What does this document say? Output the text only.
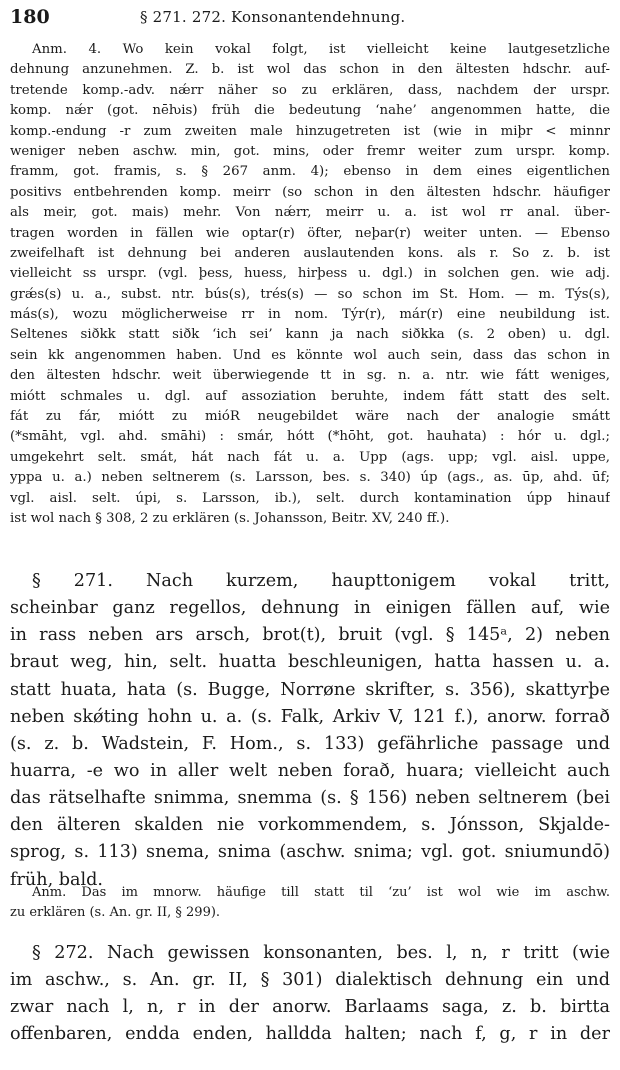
180	§ 271. 272. Konsonantendehnung.
Anm. 4. Wo kein vokal folgt, ist vielleicht keine lautgesetzliche
dehnung anzunehmen. Z. b. ist wol das schon in den ältesten hdschr. auf-
tretende komp.-adv. nǽrr näher so zu erklären, dass, nachdem der urspr.
komp. nǽr (got. nēƕis) früh die bedeutung ‘nahe’ angenommen hatte, die
komp.-endung -r zum zweiten male hinzugetreten ist (wie in miþr < minnr
weniger neben aschw. min, got. mins, oder fremr weiter zum urspr. komp.
framm, got. framis, s. § 267 anm. 4); ebenso in dem eines eigentlichen
positivs entbehrenden komp. meirr (so schon in den ältesten hdschr. häufiger
als meir, got. mais) mehr. Von nǽrr, meirr u. a. ist wol rr anal. über-
tragen worden in fällen wie optar(r) öfter, neþar(r) weiter unten. — Ebenso
zweifelhaft ist dehnung bei anderen auslautenden kons. als r. So z. b. ist
vielleicht ss urspr. (vgl. þess, huess, hirþess u. dgl.) in solchen gen. wie adj.
grǽs(s) u. a., subst. ntr. bús(s), trés(s) — so schon im St. Hom. — m. Týs(s),
más(s), wozu möglicherweise rr in nom. Týr(r), már(r) eine neubildung ist.
Seltenes siðkk statt siðk ‘ich sei’ kann ja nach siðkka (s. 2 oben) u. dgl.
sein kk angenommen haben. Und es könnte wol auch sein, dass das schon in
den ältesten hdschr. weit überwiegende tt in sg. n. a. ntr. wie fátt weniges,
miótt schmales u. dgl. auf assoziation beruhte, indem fátt statt des selt.
fát zu fár, miótt zu mióR neugebildet wäre nach der analogie smátt
(*smāht, vgl. ahd. smāhi) : smár, hótt (*hōht, got. hauhata) : hór u. dgl.;
umgekehrt selt. smát, hát nach fát u. a. Upp (ags. upp; vgl. aisl. uppe,
yppa u. a.) neben seltnerem (s. Larsson, bes. s. 340) úp (ags., as. ūp, ahd. ūf;
vgl. aisl. selt. úpi, s. Larsson, ib.), selt. durch kontamination úpp hinauf
ist wol nach § 308, 2 zu erklären (s. Johansson, Beitr. XV, 240 ff.).
§ 271. Nach kurzem, haupttonigem vokal tritt,
scheinbar ganz regellos, dehnung in einigen fällen auf, wie
in rass neben ars arsch, brot(t), bruit (vgl. § 145ᵃ, 2) neben
braut weg, hin, selt. huatta beschleunigen, hatta hassen u. a.
statt huata, hata (s. Bugge, Norrøne skrifter, s. 356), skattyrþe
neben skǿting hohn u. a. (s. Falk, Arkiv V, 121 f.), anorw. forrað
(s. z. b. Wadstein, F. Hom., s. 133) gefährliche passage und
huarra, -e wo in aller welt neben forað, huara; vielleicht auch
das rätselhafte snimma, snemma (s. § 156) neben seltnerem (bei
den älteren skalden nie vorkommendem, s. Jónsson, Skjalde-
sprog, s. 113) snema, snima (aschw. snima; vgl. got. sniumundō)
früh, bald.
Anm. Das im mnorw. häufige till statt til ‘zu’ ist wol wie im aschw.
zu erklären (s. An. gr. II, § 299).
§ 272. Nach gewissen konsonanten, bes. l, n, r tritt (wie
im aschw., s. An. gr. II, § 301) dialektisch dehnung ein und
zwar nach l, n, r in der anorw. Barlaams saga, z. b. birtta
offenbaren, endda enden, hallddа halten; nach f, g, r in der
